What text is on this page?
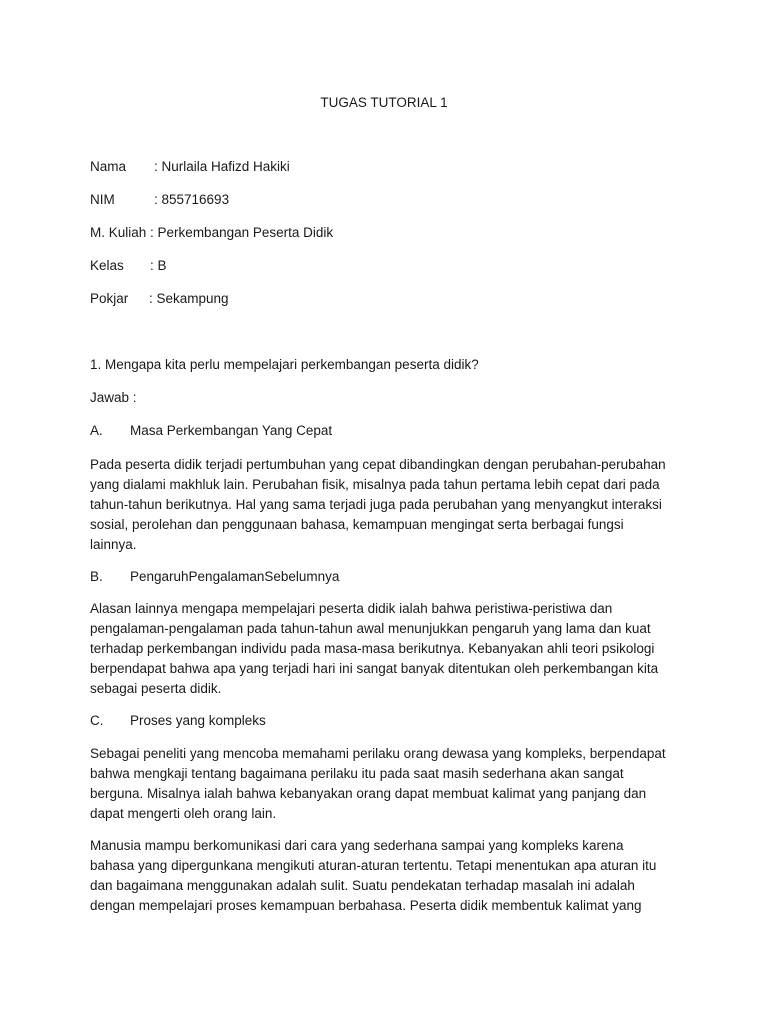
TUGAS TUTORIAL 1
Nama : Nurlaila Hafizd Hakiki
NIM	: 855716693
M. Kuliah : Perkembangan Peserta Didik
Kelas : B
Pokjar : Sekampung
1. Mengapa kita perlu mempelajari perkembangan peserta didik?
Jawab :
A. Masa Perkembangan Yang Cepat
Pada peserta didik terjadi pertumbuhan yang cepat dibandingkan dengan perubahan-perubahan
yang dialami makhluk lain. Perubahan fisik, misalnya pada tahun pertama lebih cepat dari pada
tahun-tahun berikutnya. Hal yang sama terjadi juga pada perubahan yang menyangkut interaksi
sosial, perolehan dan penggunaan bahasa, kemampuan mengingat serta berbagai fungsi
lainnya.
B. PengaruhPengalamanSebelumnya
Alasan lainnya mengapa mempelajari peserta didik ialah bahwa peristiwa-peristiwa dan
pengalaman-pengalaman pada tahun-tahun awal menunjukkan pengaruh yang lama dan kuat
terhadap perkembangan individu pada masa-masa berikutnya. Kebanyakan ahli teori psikologi
berpendapat bahwa apa yang terjadi hari ini sangat banyak ditentukan oleh perkembangan kita
sebagai peserta didik.
C. Proses yang kompleks
Sebagai peneliti yang mencoba memahami perilaku orang dewasa yang kompleks, berpendapat
bahwa mengkaji tentang bagaimana perilaku itu pada saat masih sederhana akan sangat
berguna. Misalnya ialah bahwa kebanyakan orang dapat membuat kalimat yang panjang dan
dapat mengerti oleh orang lain.
Manusia mampu berkomunikasi dari cara yang sederhana sampai yang kompleks karena
bahasa yang dipergunkana mengikuti aturan-aturan tertentu. Tetapi menentukan apa aturan itu
dan bagaimana menggunakan adalah sulit. Suatu pendekatan terhadap masalah ini adalah
dengan mempelajari proses kemampuan berbahasa. Peserta didik membentuk kalimat yang
